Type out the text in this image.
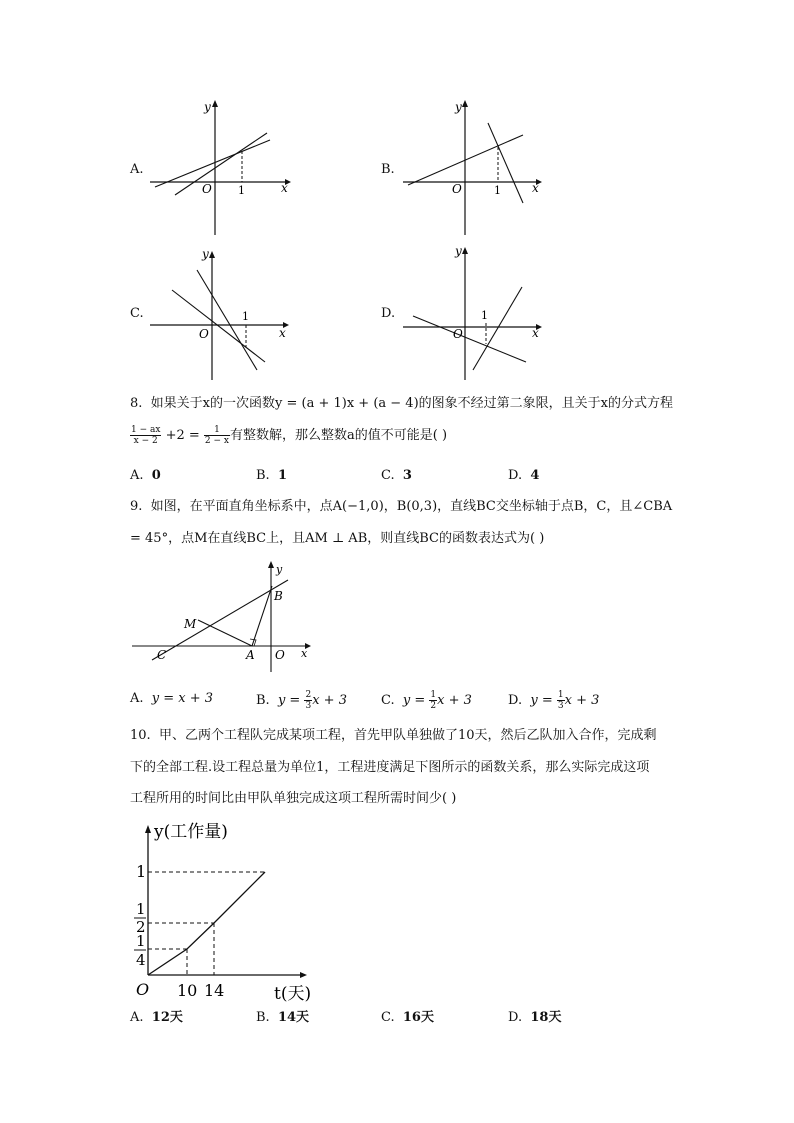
A.
y
x
O 1
B.
y
x
O	1
C.
y
x
O
1	D.
y
x
O
1
8. 如果关于x的一次函数y = (a + 1)x + (a − 4)的图象不经过第二象限，且关于x的分式方程
$\frac{1 - ax}{x - 2} +2 = \frac{1}{2 - x}$ 有整数解，那么整数a的值不可能是( )
A. 0	B. 1	C. 3	D. 4
9. 如图，在平面直角坐标系中，点A(−1,0)，B(0,3)，直线BC交坐标轴于点B，C，且∠CBA
= 45°，点M在直线BC上，且AM ⊥ AB，则直线BC的函数表达式为( )
y
x
B
M
C	A O
A. y = x + 3	B. $y = \frac{2}{3}$ x + 3	C. $y = \frac{1}{2}$ x + 3	D. $y = \frac{1}{3}$ x + 3
10. 甲、乙两个工程队完成某项工程，首先甲队单独做了10天，然后乙队加入合作，完成剩
下的全部工程.设工程总量为单位1，工程进度满足下图所示的函数关系，那么实际完成这项
工程所用的时间比由甲队单独完成这项工程所需时间少( )
y(工作量)
t(天)
O
1
1
2
1
4
10 14
A. 12天	B. 14天	C. 16天	D. 18天
